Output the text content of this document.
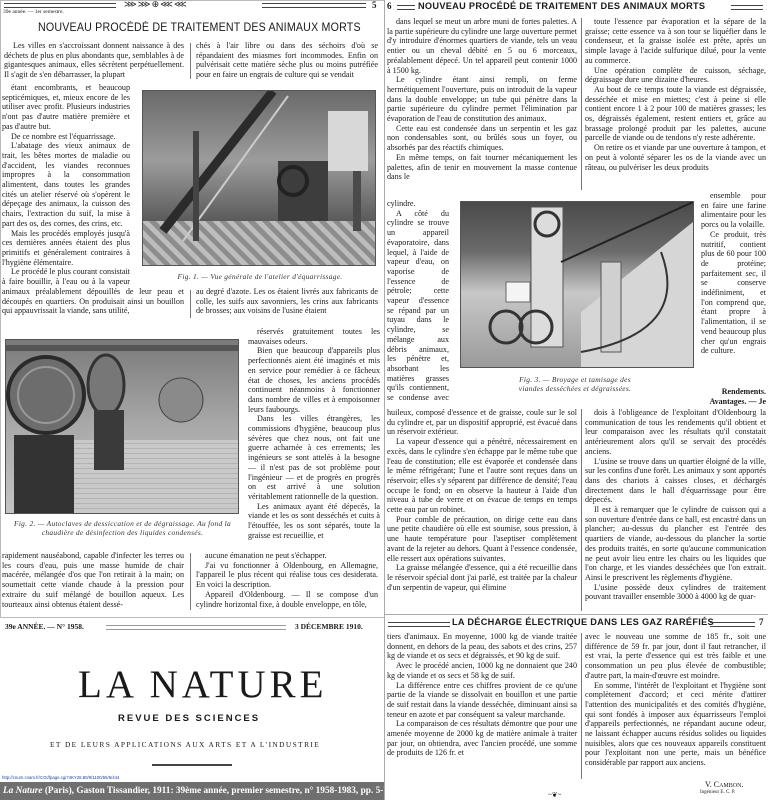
⋙⋙⊕⋘⋘	5
39e année. — 1er semestre.
NOUVEAU PROCÉDÉ DE TRAITEMENT DES ANIMAUX MORTS

Les villes en s'accroissant donnent naissance à des déchets de plus en plus abondants que, semblables à de gigantesques animaux, elles sécrètent perpétuellement. Il s'agit de s'en débarrasser, la plupart

chés à l'air libre ou dans des séchoirs d'où se répandaient des miasmes fort incommodes. Enfin on pulvérisait cette matière sèche plus ou moins putréfiée pour en faire un engrais de culture qui se vendait

étant encombrants, et beaucoup septicémiques, et, mieux encore de les utiliser avec profit. Plusieurs industries n'ont pas d'autre matière première et pas d'autre but.

De ce nombre est l'équarrissage.

L'abatage des vieux animaux de trait, les bêtes mortes de maladie ou d'accident, les viandes reconnues impropres à la consommation alimentent, dans toutes les grandes cités un atelier réservé où s'opèrent le dépeçage des animaux, la cuisson des chairs, l'extraction du suif, la mise à part des os, des cornes, des crins, etc.

Mais les procédés employés jusqu'à ces dernières années étaient des plus primitifs et généralement contraires à l'hygiène élémentaire.

Le procédé le plus courant consistait à faire bouillir, à l'eau ou à la vapeur

Fig. 1. — Vue générale de l'atelier d'équarrissage.

animaux préalablement dépouillés de leur peau et découpés en quartiers. On produisait ainsi un bouillon qui appauvrissait la viande, sans utilité,

au degré d'azote. Les os étaient livrés aux fabricants de colle, les suifs aux savonniers, les crins aux fabricants de brosses; aux voisins de l'usine étaient

Fig. 2. — Autoclaves de dessiccation et de dégraissage. Au fond la chaudière de désinfection des liquides condensés.

réservés gratuitement toutes les mauvaises odeurs.

Bien que beaucoup d'appareils plus perfectionnés aient été imaginés et mis en service pour remédier à ce fâcheux état de choses, les anciens procédés continuent néanmoins à fonctionner dans nombre de villes et à empoisonner leurs faubourgs.

Dans les villes étrangères, les commissions d'hygiène, beaucoup plus sévères que chez nous, ont fait une guerre acharnée à ces errements; les ingénieurs se sont attelés à la besogne — il n'est pas de sot problème pour l'ingénieur — et de progrès en progrès on est arrivé à une solution véritablement rationnelle de la question.

Les animaux ayant été dépecés, la viande et les os sont desséchés et cuits à l'étouffée, les os sont séparés, toute la graisse est recueillie, et

rapidement nauséabond, capable d'infecter les terres ou les cours d'eau, puis une masse humide de chair macérée, mélangée d'os que l'on retirait à la main; on soumettait cette viande chaude à la pression pour extraire du suif mélangé de bouillon aqueux. Les tourteaux ainsi obtenus étaient dessé-

aucune émanation ne peut s'échapper.

J'ai vu fonctionner à Oldenbourg, en Allemagne, l'appareil le plus récent qui réalise tous ces desiderata. En voici la description.

Appareil d'Oldenbourg. — Il se compose d'un cylindre horizontal fixe, à double enveloppe, en tôle,

39e ANNÉE. — N° 1958.	3 DÉCEMBRE 1910.
LA NATURE
REVUE DES SCIENCES
ET DE LEURS APPLICATIONS AUX ARTS ET A L'INDUSTRIE
http://cnum.cnam.fr/CGI/fpage.cgi?4KY28.80/9/1100/55/5/444
La Nature (Paris), Gaston Tissandier, 1911: 39ème année, premier semestre, n° 1958-1983, pp. 5-7
6	NOUVEAU PROCÉDÉ DE TRAITEMENT DES ANIMAUX MORTS

dans lequel se meut un arbre muni de fortes palettes. A la partie supérieure du cylindre une large ouverture permet d'y introduire d'énormes quartiers de viande, tels un veau entier ou un cheval débité en 5 ou 6 morceaux, préalablement dépecé. Un tel appareil peut contenir 1000 à 1500 kg.

Le cylindre étant ainsi rempli, on ferme hermétiquement l'ouverture, puis on introduit de la vapeur dans la double enveloppe; un tube qui pénètre dans la partie supérieure du cylindre permet l'élimination par évaporation de l'eau de constitution des animaux.

Cette eau est condensée dans un serpentin et les gaz non condensables sont, ou brûlés sous un foyer, ou absorbés par des réactifs chimiques.

En même temps, on fait tourner mécaniquement les palettes, afin de tenir en mouvement la masse contenue dans le

toute l'essence par évaporation et la sépare de la graisse; cette essence va à son tour se liquéfier dans le condenseur, et la graisse isolée est prête, après un simple lavage à l'acide sulfurique dilué, pour la vente au commerce.

Une opération complète de cuisson, séchage, dégraissage dure une dizaine d'heures.

Au bout de ce temps toute la viande est dégraissée, desséchée et mise en miettes; c'est à peine si elle contient encore 1 à 2 pour 100 de matières grasses; les os, dégraissés également, restent entiers et, grâce au brassage prolongé produit par les palettes, aucune parcelle de viande ou de tendons n'y reste adhérente.

On retire os et viande par une ouverture à tampon, et on peut à volonté séparer les os de la viande avec un râteau, ou pulvériser les deux produits

cylindre.

A côté du cylindre se trouve un appareil évaporatoire, dans lequel, à l'aide de vapeur d'eau, on vaporise de l'essence de pétrole; cette vapeur d'essence se répand par un tuyau dans le cylindre, se mélange aux débris animaux, les pénètre et, absorbant les matières grasses qu'ils contiennent, se condense avec

Fig. 3. — Broyage et tamisage des viandes desséchées et dégraissées.

ensemble pour en faire une farine alimentaire pour les porcs ou la volaille.

Ce produit, très nutritif, contient plus de 60 pour 100 de protéine; parfaitement sec, il se conserve indéfiniment, et l'on comprend que, étant propre à l'alimentation, il se vend beaucoup plus cher qu'un engrais de culture.

Rendements. Avantages. — Je

huileux, composé d'essence et de graisse, coule sur le sol du cylindre et, par un dispositif approprié, est évacué dans un réservoir extérieur.

La vapeur d'essence qui a pénétré, nécessairement en excès, dans le cylindre s'en échappe par le même tube que l'eau de constitution; elle est évaporée et condensée dans le même réfrigérant; l'une et l'autre sont reçues dans un réservoir; elles s'y séparent par différence de densité; l'eau occupe le fond; on en observe la hauteur à l'aide d'un niveau à tube de verre et on évacue de temps en temps cette eau par un robinet.

Pour comble de précaution, on dirige cette eau dans une petite chaudière où elle est soumise, sous pression, à une haute température pour l'aseptiser complètement avant de la rejeter au dehors. Quant à l'essence condensée, elle ressert aux opérations suivantes.

La graisse mélangée d'essence, qui a été recueillie dans le réservoir spécial dont j'ai parlé, est traitée par la chaleur d'un serpentin de vapeur, qui élimine

dois à l'obligeance de l'exploitant d'Oldenbourg la communication de tous les rendements qu'il obtient et leur comparaison avec les résultats qu'il constatait antérieurement alors qu'il se servait des procédés anciens.

L'usine se trouve dans un quartier éloigné de la ville, sur les confins d'une forêt. Les animaux y sont apportés dans des chariots à caisses closes, et déchargés directement dans le hall d'équarrissage pour être dépecés.

Il est à remarquer que le cylindre de cuisson qui a son ouverture d'entrée dans ce hall, est encastré dans un plancher; au-dessus du plancher est l'entrée des quartiers de viande, au-dessous du plancher la sortie des produits traités, en sorte qu'aucune communication ne peut avoir lieu entre les chairs ou les liquides que l'on charge, et les viandes desséchées que l'on extrait. Ainsi le prescrivent les règlements d'hygiène.

L'usine possède deux cylindres de traitement pouvant travailler ensemble 3000 à 4000 kg de quar-

LA DÉCHARGE ÉLECTRIQUE DANS LES GAZ RARÉFIÉS	7

tiers d'animaux. En moyenne, 1000 kg de viande traitée donnent, en dehors de la peau, des sabots et des crins, 257 kg de viande et os secs et dégraissés, et 90 kg de suif.

Avec le procédé ancien, 1000 kg ne donnaient que 240 kg de viande et os secs et 58 kg de suif.

La différence entre ces chiffres provient de ce qu'une partie de la viande se dissolvait en bouillon et une partie de suif restait dans la viande desséchée, diminuant ainsi sa teneur en azote et par conséquent sa valeur marchande.

La comparaison de ces résultats démontre que pour une amenée moyenne de 2000 kg de matière animale à traiter par jour, on obtiendra, avec l'ancien procédé, une somme de produits de 126 fr. et

avec le nouveau une somme de 185 fr., soit une différence de 59 fr. par jour, dont il faut retrancher, il est vrai, la perte d'essence qui est très faible et une consommation un peu plus élevée de combustible; d'autre part, la main-d'œuvre est moindre.

En somme, l'intérêt de l'exploitant et l'hygiène sont complètement d'accord; et ceci mérite d'attirer l'attention des municipalités et des comités d'hygiène, qui sont fondés à imposer aux équarrisseurs l'emploi d'appareils perfectionnés, ne répandant aucune odeur, ne laissant échapper aucuns résidus solides ou liquides nuisibles, alors que ces nouveaux appareils constituent pour l'exploitant non une perte, mais un bénéfice considérable par rapport aux anciens.

V. Cambon.
Ingénieur E. C. P.
~❦~
